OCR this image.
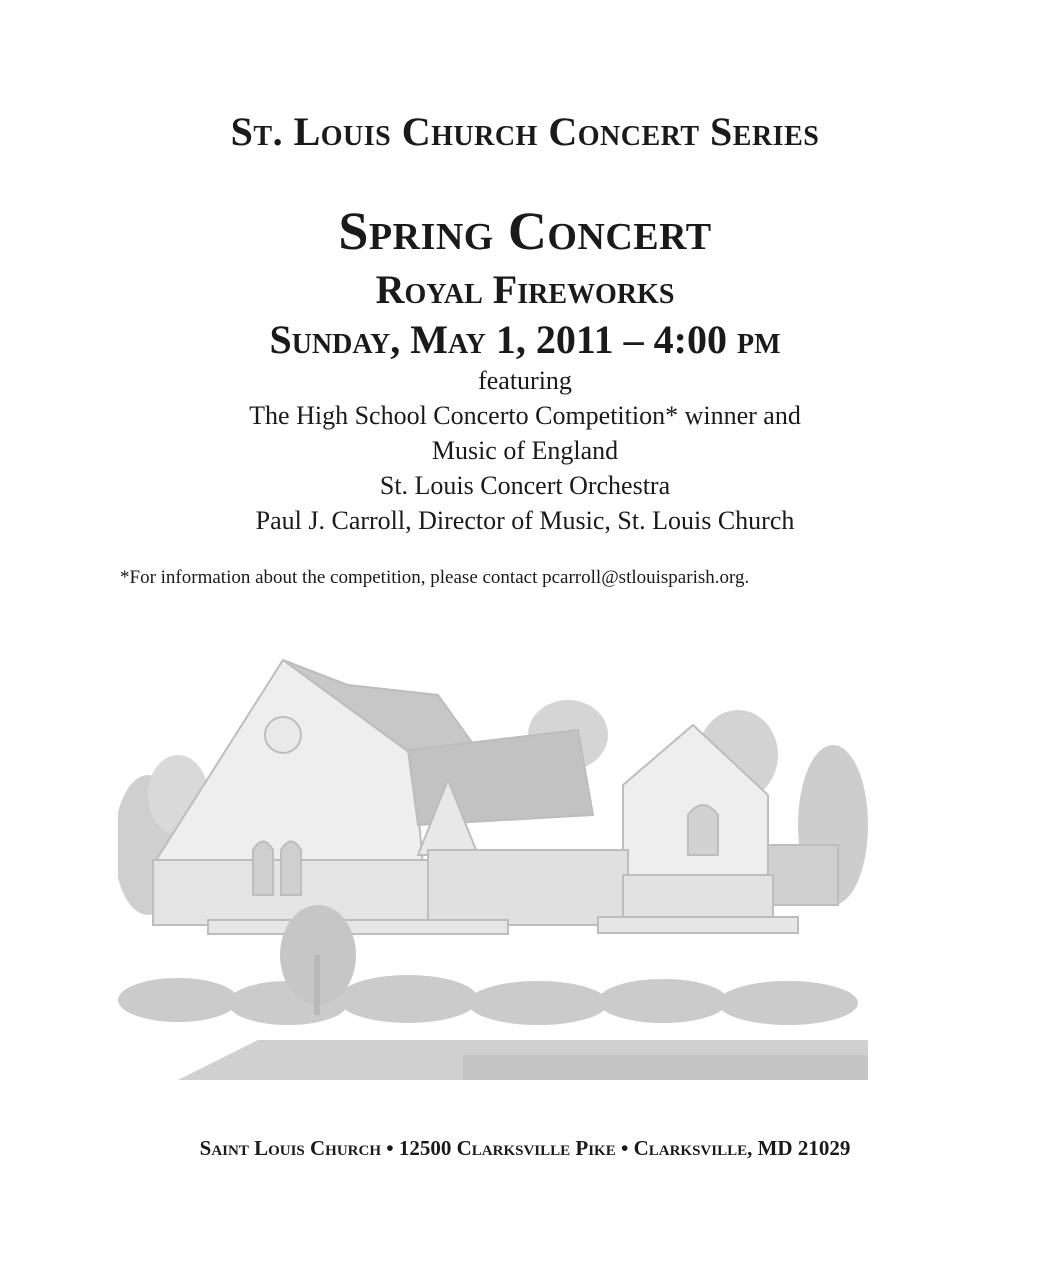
St. Louis Church Concert Series
Spring Concert
Royal Fireworks
Sunday, May 1, 2011 – 4:00 pm
featuring
The High School Concerto Competition* winner and
Music of England
St. Louis Concert Orchestra
Paul J. Carroll, Director of Music, St. Louis Church
*For information about the competition, please contact pcarroll@stlouisparish.org.
Saint Louis Church • 12500 Clarksville Pike • Clarksville, MD 21029
